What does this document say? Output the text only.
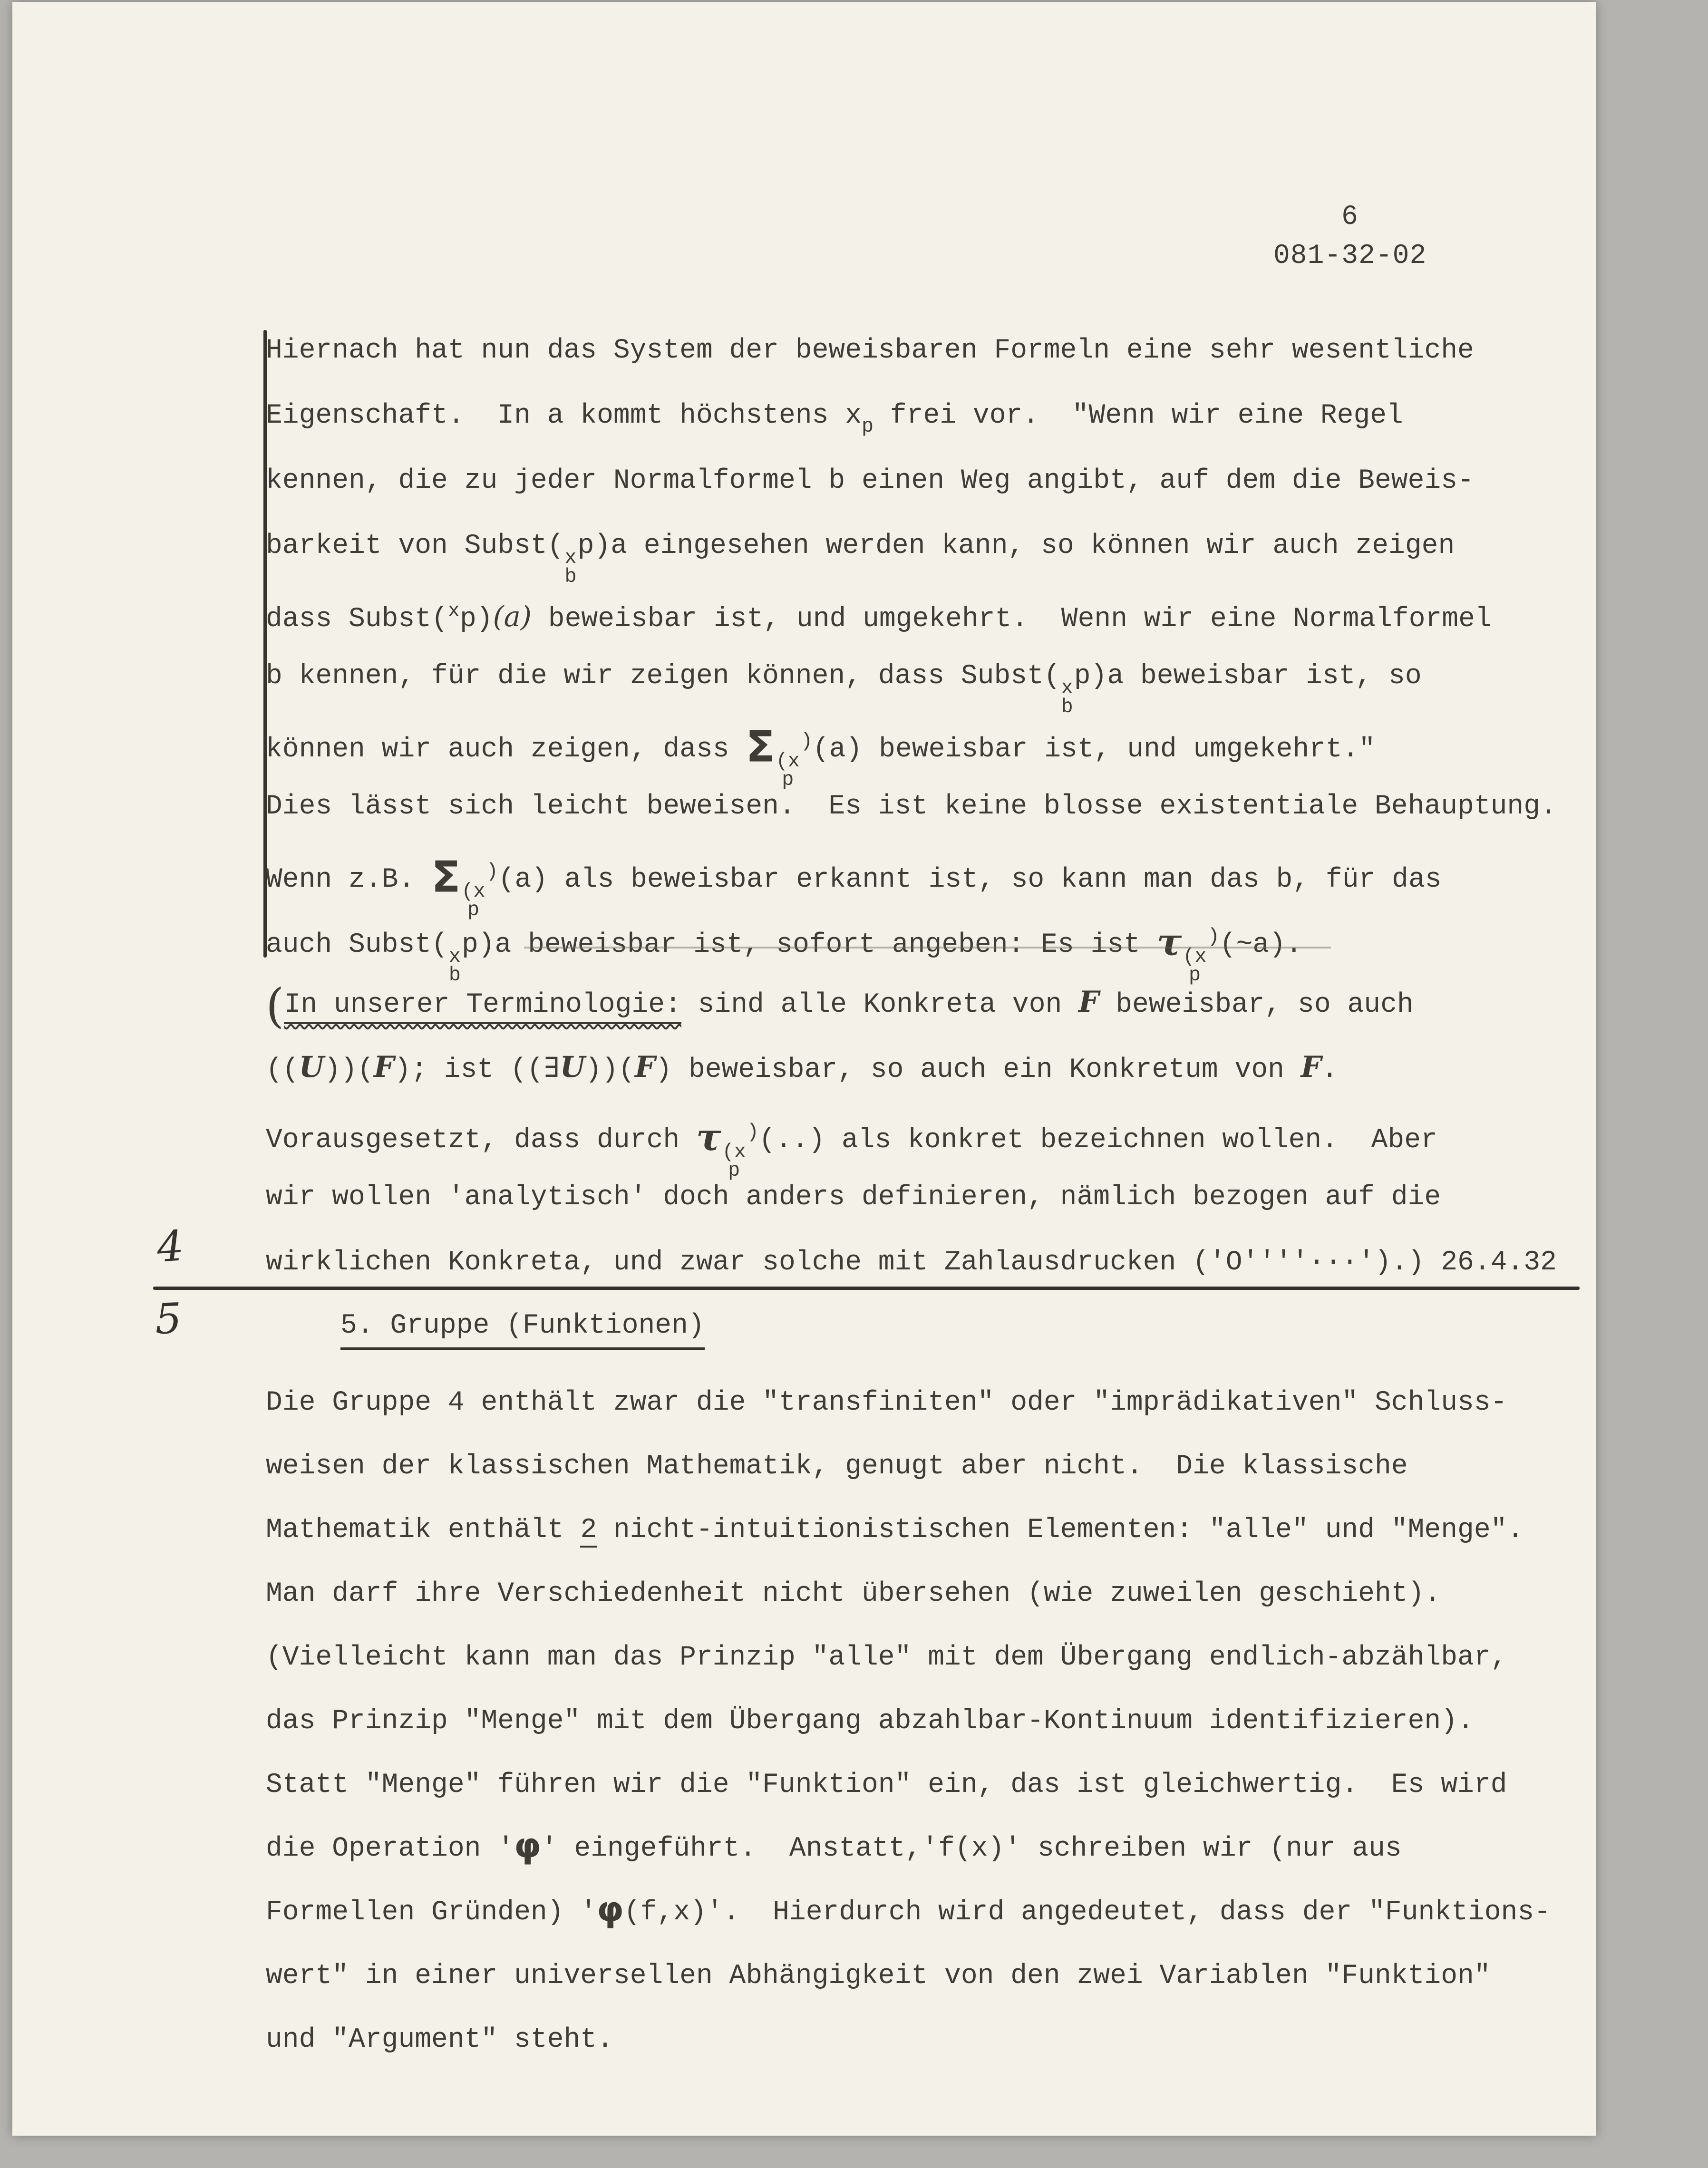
6
081-32-02
Hiernach hat nun das System der beweisbaren Formeln eine sehr wesentliche
Eigenschaft.  In a kommt höchstens $x_p$ frei vor.  "Wenn wir eine Regel
kennen, die zu jeder Normalformel b einen Weg angibt, auf dem die Beweis-
barkeit von Subst( x
b
p)a eingesehen werden kann, so können wir auch zeigen
dass Subst($^x$p)(a) beweisbar ist, und umgekehrt.  Wenn wir eine Normalformel
b kennen, für die wir zeigen können, dass Subst( x
b
p)a beweisbar ist, so
können wir auch zeigen, dass Σ (x
p
)(a) beweisbar ist, und umgekehrt."
Dies lässt sich leicht beweisen.  Es ist keine blosse existentiale Behauptung.
Wenn z.B. Σ (x
p
)(a) als beweisbar erkannt ist, so kann man das b, für das
auch Subst( x
b
p)a beweisbar ist, sofort angeben: Es ist τ (x
p
)(~a).
(In unserer Terminologie: sind alle Konkreta von F beweisbar, so auch
((U))(F); ist ((∃U))(F) beweisbar, so auch ein Konkretum von F.
Vorausgesetzt, dass durch τ (x
p
)(..) als konkret bezeichnen wollen.  Aber
wir wollen 'analytisch' doch anders definieren, nämlich bezogen auf die
wirklichen Konkreta, und zwar solche mit Zahlausdrucken ('O''''···').) 26.4.32
4
5	5. Gruppe (Funktionen)
Die Gruppe 4 enthält zwar die "transfiniten" oder "imprädikativen" Schluss-
weisen der klassischen Mathematik, genugt aber nicht.  Die klassische
Mathematik enthält 2 nicht-intuitionistischen Elementen: "alle" und "Menge".
Man darf ihre Verschiedenheit nicht übersehen (wie zuweilen geschieht).
(Vielleicht kann man das Prinzip "alle" mit dem Übergang endlich-abzählbar,
das Prinzip "Menge" mit dem Übergang abzahlbar-Kontinuum identifizieren).
Statt "Menge" führen wir die "Funktion" ein, das ist gleichwertig.  Es wird
die Operation 'φ' eingeführt.  Anstatt,'f(x)' schreiben wir (nur aus
Formellen Gründen) 'φ(f,x)'.  Hierdurch wird angedeutet, dass der "Funktions-
wert" in einer universellen Abhängigkeit von den zwei Variablen "Funktion"
und "Argument" steht.
